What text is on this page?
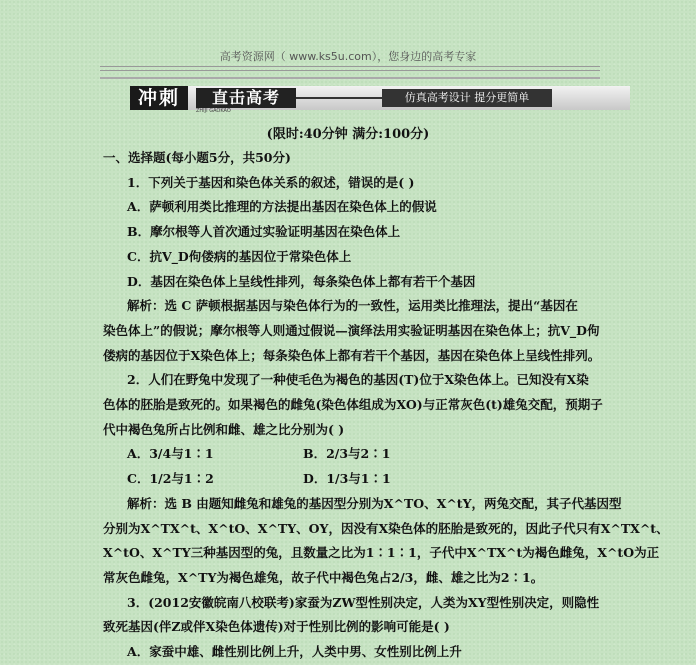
高考资源网（ www.ks5u.com），您身边的高考专家
冲刺	直击高考	仿真高考设计 提分更简单
ZHIJI GAOKAO
(限时:40分钟 满分:100分)

一、选择题(每小题5分，共50分)

1．下列关于基因和染色体关系的叙述，错误的是( )

A．萨顿利用类比推理的方法提出基因在染色体上的假说

B．摩尔根等人首次通过实验证明基因在染色体上

C．抗V_D佝偻病的基因位于常染色体上

D．基因在染色体上呈线性排列，每条染色体上都有若干个基因

解析：选 C 萨顿根据基因与染色体行为的一致性，运用类比推理法，提出“基因在

染色体上”的假说；摩尔根等人则通过假说—演绎法用实验证明基因在染色体上；抗V_D佝

偻病的基因位于X染色体上；每条染色体上都有若干个基因，基因在染色体上呈线性排列。

2．人们在野兔中发现了一种使毛色为褐色的基因(T)位于X染色体上。已知没有X染

色体的胚胎是致死的。如果褐色的雌兔(染色体组成为XO)与正常灰色(t)雄兔交配，预期子

代中褐色兔所占比例和雌、雄之比分别为( )

A．3/4与1∶1	B．2/3与2∶1

C．1/2与1∶2	D．1/3与1∶1

解析：选 B 由题知雌兔和雄兔的基因型分别为X^TO、X^tY，两兔交配，其子代基因型

分别为X^TX^t、X^tO、X^TY、OY，因没有X染色体的胚胎是致死的，因此子代只有X^TX^t、

X^tO、X^TY三种基因型的兔，且数量之比为1∶1∶1，子代中X^TX^t为褐色雌兔，X^tO为正

常灰色雌兔，X^TY为褐色雄兔，故子代中褐色兔占2/3，雌、雄之比为2∶1。

3．(2012安徽皖南八校联考)家蚕为ZW型性别决定，人类为XY型性别决定，则隐性

致死基因(伴Z或伴X染色体遗传)对于性别比例的影响可能是( )

A．家蚕中雄、雌性别比例上升，人类中男、女性别比例上升
